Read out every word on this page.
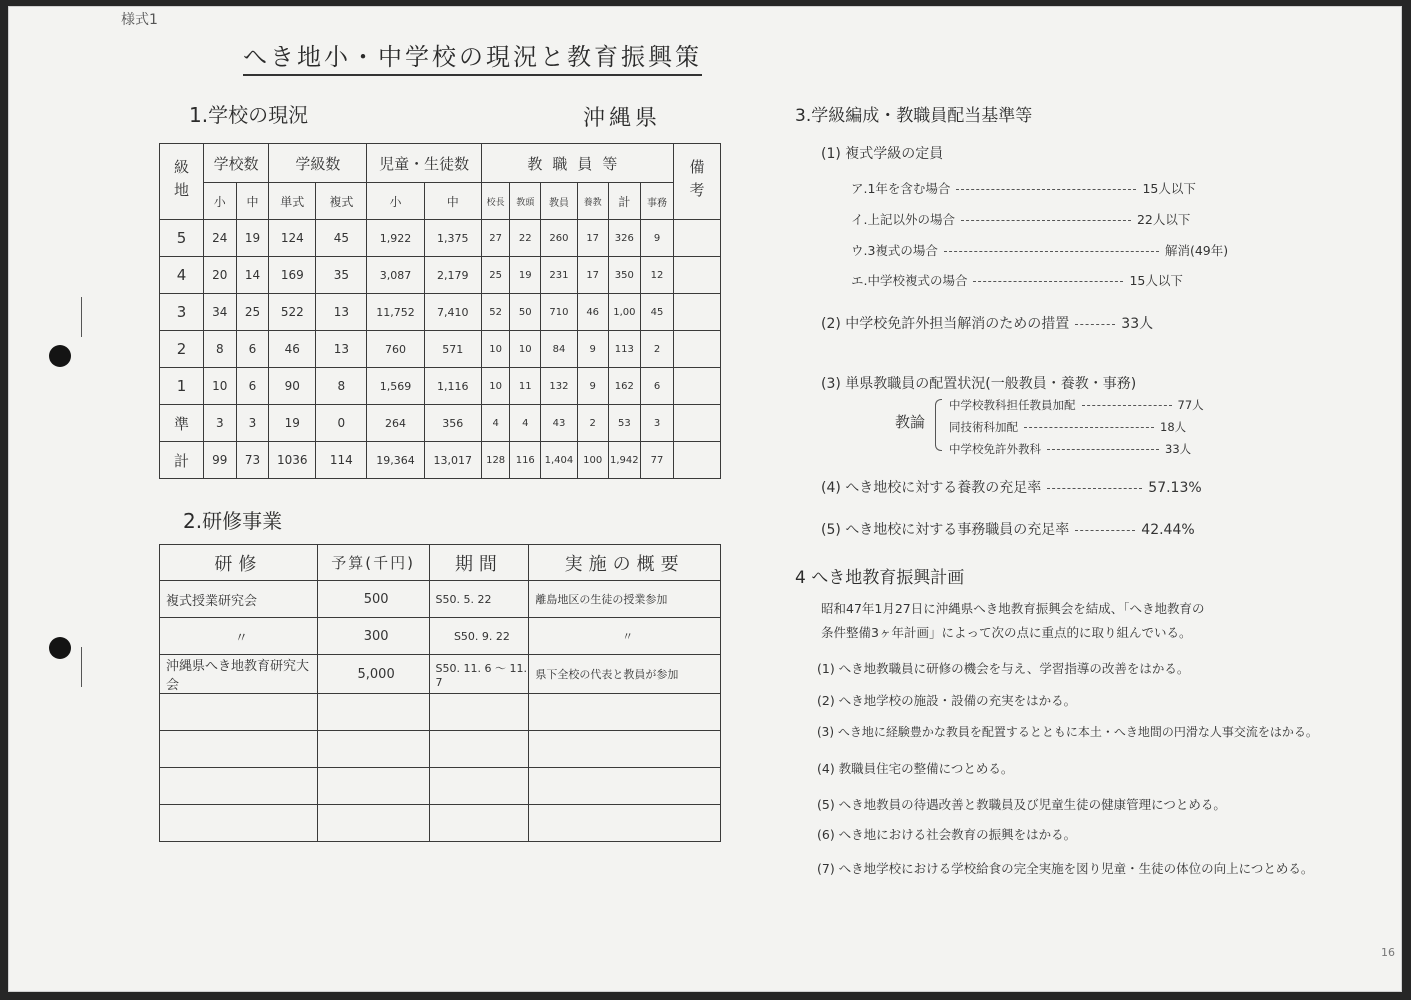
様式1
へき地小・中学校の現況と教育振興策
1.学校の現況	沖縄県
級地	学校数		学級数		児童・生徒数		教職員等						備考
	小	中	単式	複式	小	中	校長	教頭	教員	養教	計	事務	
5	24	19	124	45	1,922	1,375	27	22	260	17	326	9	
4	20	14	169	35	3,087	2,179	25	19	231	17	350	12	
3	34	25	522	13	11,752	7,410	52	50	710	46	1,00	45	
2	8	6	46	13	760	571	10	10	84	9	113	2	
1	10	6	90	8	1,569	1,116	10	11	132	9	162	6	
準	3	3	19	0	264	356	4	4	43	2	53	3	
計	99	73	1036	114	19,364	13,017	128	116	1,404	100	1,942	77	
2.研修事業
研修	予算(千円)	期間	実施の概要
複式授業研究会	500	S50. 5. 22	離島地区の生徒の授業参加
〃	300	S50. 9. 22	〃
沖縄県へき地教育研究大会	5,000	S50. 11. 6 〜 11. 7	県下全校の代表と教員が参加

3.学級編成・教職員配当基準等
(1) 複式学級の定員
ア.1年を含む場合	15人以下
イ.上記以外の場合	22人以下
ウ.3複式の場合	解消(49年)
エ.中学校複式の場合	15人以下
(2) 中学校免許外担当解消のための措置	33人
(3) 単県教職員の配置状況(一般教員・養教・事務)
教論
中学校教科担任教員加配	77人
同技術科加配	18人
中学校免許外教科	33人
(4) へき地校に対する養教の充足率	57.13%
(5) へき地校に対する事務職員の充足率	42.44%
4 へき地教育振興計画
昭和47年1月27日に沖縄県へき地教育振興会を結成、「へき地教育の
条件整備3ヶ年計画」によって次の点に重点的に取り組んでいる。
(1) へき地教職員に研修の機会を与え、学習指導の改善をはかる。
(2) へき地学校の施設・設備の充実をはかる。
(3) へき地に経験豊かな教員を配置するとともに本土・へき地間の円滑な人事交流をはかる。
(4) 教職員住宅の整備につとめる。
(5) へき地教員の待遇改善と教職員及び児童生徒の健康管理につとめる。
(6) へき地における社会教育の振興をはかる。
(7) へき地学校における学校給食の完全実施を図り児童・生徒の体位の向上につとめる。
16
